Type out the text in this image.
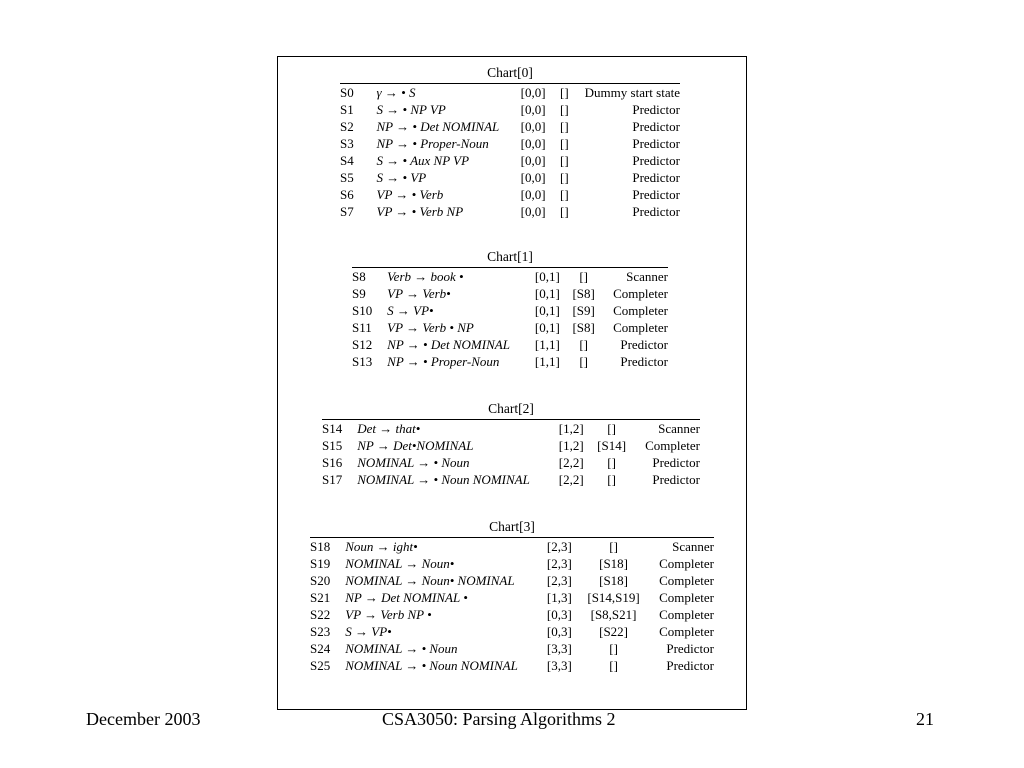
Chart[0]
S0	γ → • S	[0,0]	[]	Dummy start state
S1	S → • NP VP	[0,0]	[]	Predictor
S2	NP → • Det NOMINAL	[0,0]	[]	Predictor
S3	NP → • Proper-Noun	[0,0]	[]	Predictor
S4	S → • Aux NP VP	[0,0]	[]	Predictor
S5	S → • VP	[0,0]	[]	Predictor
S6	VP → • Verb	[0,0]	[]	Predictor
S7	VP → • Verb NP	[0,0]	[]	Predictor
Chart[1]
S8	Verb → book •	[0,1]	[]	Scanner
S9	VP → Verb•	[0,1]	[S8]	Completer
S10	S → VP•	[0,1]	[S9]	Completer
S11	VP → Verb • NP	[0,1]	[S8]	Completer
S12	NP → • Det NOMINAL	[1,1]	[]	Predictor
S13	NP → • Proper-Noun	[1,1]	[]	Predictor
Chart[2]
S14	Det → that•	[1,2]	[]	Scanner
S15	NP → Det•NOMINAL	[1,2]	[S14]	Completer
S16	NOMINAL → • Noun	[2,2]	[]	Predictor
S17	NOMINAL → • Noun NOMINAL	[2,2]	[]	Predictor
Chart[3]
S18	Noun → ight•	[2,3]	[]	Scanner
S19	NOMINAL → Noun•	[2,3]	[S18]	Completer
S20	NOMINAL → Noun• NOMINAL	[2,3]	[S18]	Completer
S21	NP → Det NOMINAL •	[1,3]	[S14,S19]	Completer
S22	VP → Verb NP •	[0,3]	[S8,S21]	Completer
S23	S → VP•	[0,3]	[S22]	Completer
S24	NOMINAL → • Noun	[3,3]	[]	Predictor
S25	NOMINAL → • Noun NOMINAL	[3,3]	[]	Predictor
December 2003	CSA3050: Parsing Algorithms 2	21
